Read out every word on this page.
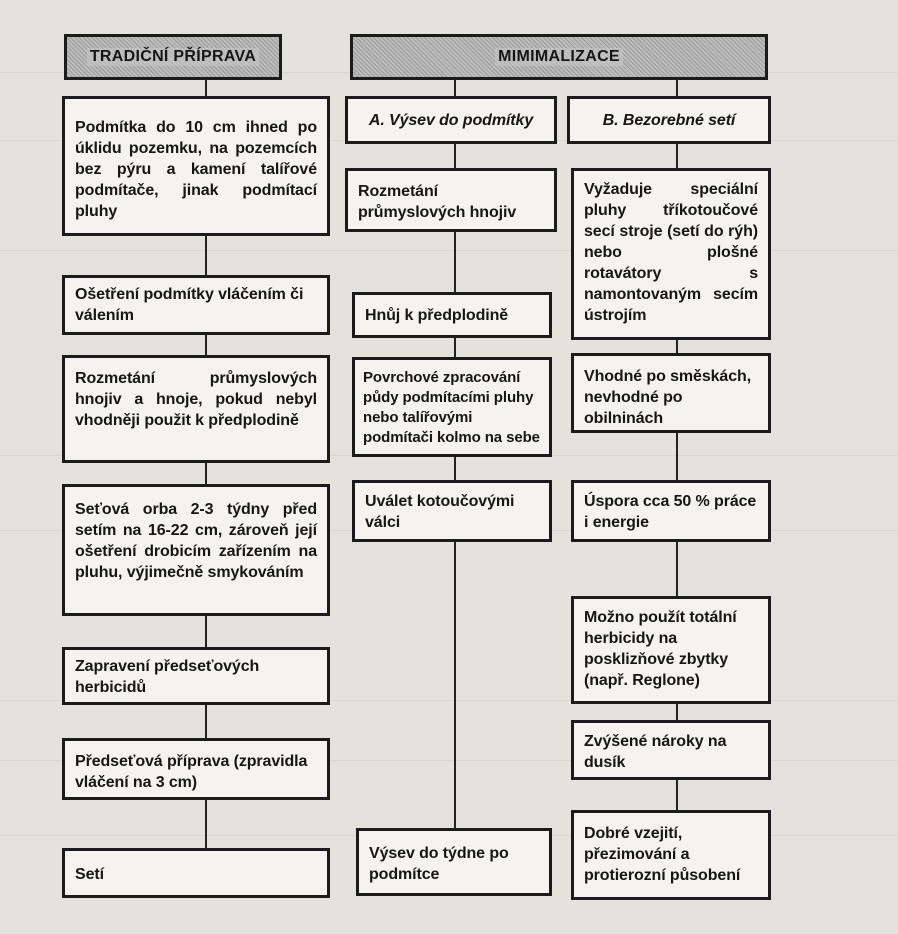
TRADIČNÍ PŘÍPRAVA	MIMIMALIZACE
A. Výsev do podmítky	B. Bezorebné setí
Podmítka do 10 cm ihned po úklidu pozemku, na pozemcích bez pýru a kamení talířové podmítače, jinak podmítací pluhy
Ošetření podmítky vláčením či válením
Rozmetání průmyslových hnojiv a hnoje, pokud nebyl vhodněji použit k předplodině
Seťová orba 2-3 týdny před setím na 16-22 cm, zároveň její ošetření drobicím zařízením na pluhu, výjimečně smykováním
Zapravení předseťových herbicidů
Předseťová příprava (zpravidla vláčení na 3 cm)
Setí
Rozmetání průmyslových hnojiv
Hnůj k předplodině
Povrchové zpracování půdy podmítacími pluhy nebo talířovými podmítači kolmo na sebe
Uválet kotoučovými válci
Výsev do týdne po podmítce
Vyžaduje speciální pluhy tříkotoučové secí stroje (setí do rýh) nebo plošné rotavátory s namontovaným secím ústrojím
Vhodné po směskách, nevhodné po obilninách
Úspora cca 50 % práce i energie
Možno použít totální herbicidy na posklizňové zbytky (např. Reglone)
Zvýšené nároky na dusík
Dobré vzejití, přezimování a protierozní působení
